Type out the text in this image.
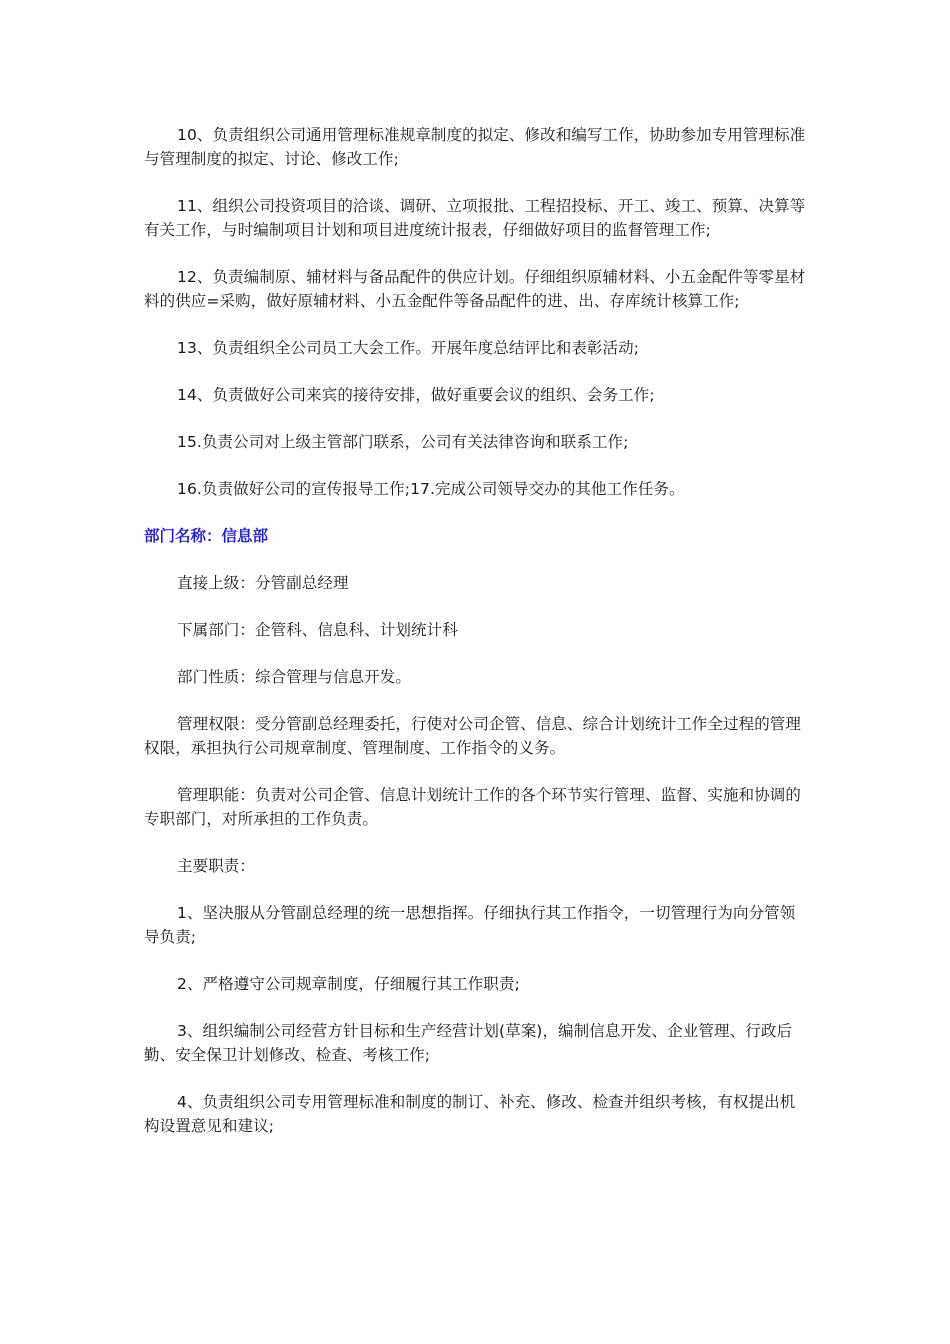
10、负责组织公司通用管理标准规章制度的拟定、修改和编写工作，协助参加专用管理标准与管理制度的拟定、讨论、修改工作;

11、组织公司投资项目的洽谈、调研、立项报批、工程招投标、开工、竣工、预算、决算等有关工作，与时编制项目计划和项目进度统计报表，仔细做好项目的监督管理工作;

12、负责编制原、辅材料与备品配件的供应计划。仔细组织原辅材料、小五金配件等零星材料的供应=采购，做好原辅材料、小五金配件等备品配件的进、出、存库统计核算工作;

13、负责组织全公司员工大会工作。开展年度总结评比和表彰活动;

14、负责做好公司来宾的接待安排，做好重要会议的组织、会务工作;

15.负责公司对上级主管部门联系，公司有关法律咨询和联系工作;

16.负责做好公司的宣传报导工作;17.完成公司领导交办的其他工作任务。

部门名称：信息部

直接上级：分管副总经理

下属部门：企管科、信息科、计划统计科

部门性质：综合管理与信息开发。

管理权限：受分管副总经理委托，行使对公司企管、信息、综合计划统计工作全过程的管理权限，承担执行公司规章制度、管理制度、工作指令的义务。

管理职能：负责对公司企管、信息计划统计工作的各个环节实行管理、监督、实施和协调的专职部门，对所承担的工作负责。

主要职责：

1、坚决服从分管副总经理的统一思想指挥。仔细执行其工作指令，一切管理行为向分管领导负责;

2、严格遵守公司规章制度，仔细履行其工作职责;

3、组织编制公司经营方针目标和生产经营计划(草案)，编制信息开发、企业管理、行政后勤、安全保卫计划修改、检查、考核工作;

4、负责组织公司专用管理标准和制度的制订、补充、修改、检查并组织考核，有权提出机构设置意见和建议;
